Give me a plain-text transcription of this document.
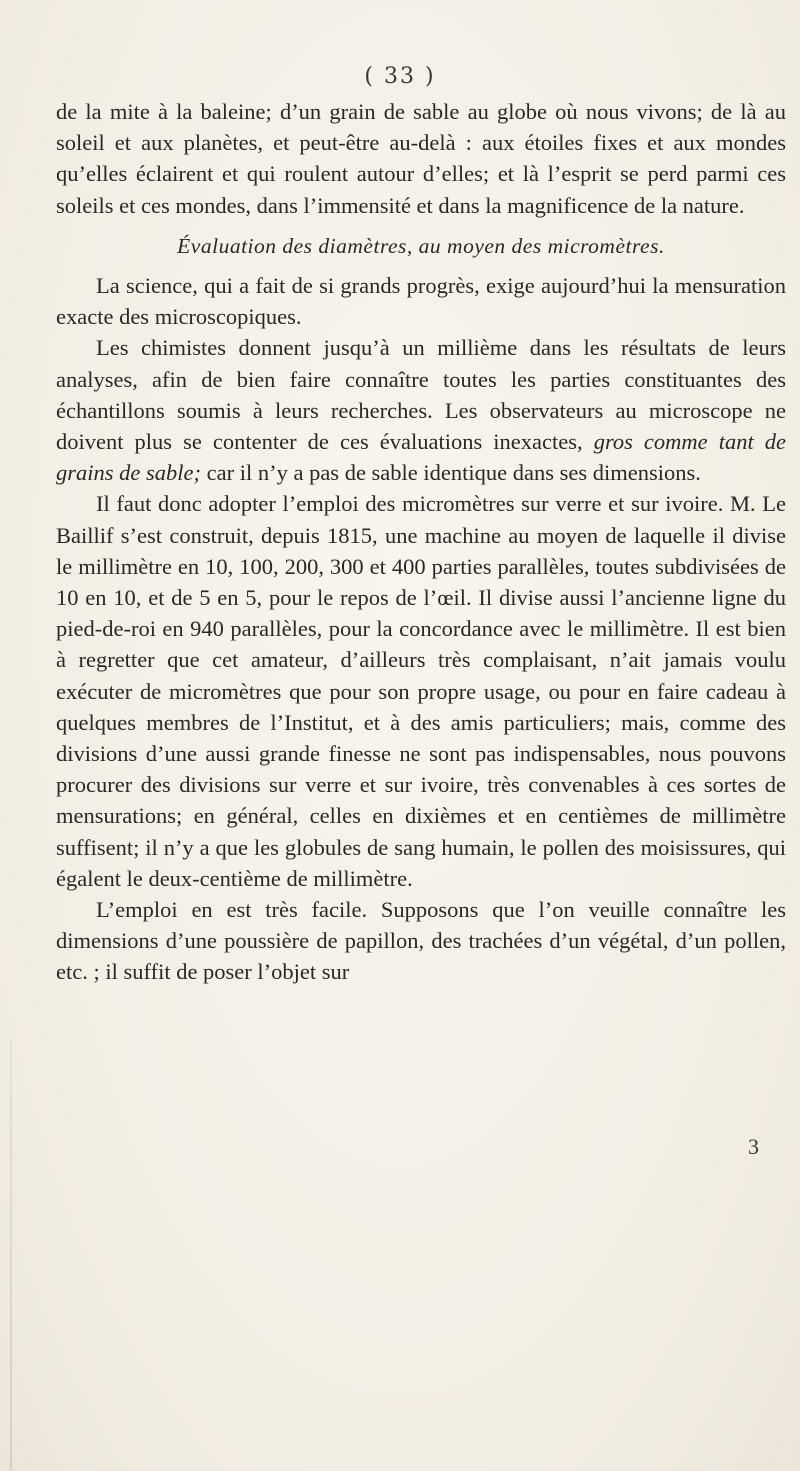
( 33 )

de la mite à la baleine; d’un grain de sable au globe où nous vivons; de là au soleil et aux planètes, et peut-être au-delà : aux étoiles fixes et aux mondes qu’elles éclairent et qui roulent autour d’elles; et là l’esprit se perd parmi ces soleils et ces mondes, dans l’immensité et dans la magnificence de la nature.

Évaluation des diamètres, au moyen des micromètres.

La science, qui a fait de si grands progrès, exige aujourd’hui la mensuration exacte des microscopiques.

Les chimistes donnent jusqu’à un millième dans les résultats de leurs analyses, afin de bien faire connaître toutes les parties constituantes des échantillons soumis à leurs recherches. Les observateurs au microscope ne doivent plus se contenter de ces évaluations inexactes, gros comme tant de grains de sable; car il n’y a pas de sable identique dans ses dimensions.

Il faut donc adopter l’emploi des micromètres sur verre et sur ivoire. M. Le Baillif s’est construit, depuis 1815, une machine au moyen de laquelle il divise le millimètre en 10, 100, 200, 300 et 400 parties parallèles, toutes subdivisées de 10 en 10, et de 5 en 5, pour le repos de l’œil. Il divise aussi l’ancienne ligne du pied-de-roi en 940 parallèles, pour la concordance avec le millimètre. Il est bien à regretter que cet amateur, d’ailleurs très complaisant, n’ait jamais voulu exécuter de micromètres que pour son propre usage, ou pour en faire cadeau à quelques membres de l’Institut, et à des amis particuliers; mais, comme des divisions d’une aussi grande finesse ne sont pas indispensables, nous pouvons procurer des divisions sur verre et sur ivoire, très convenables à ces sortes de mensurations; en général, celles en dixièmes et en centièmes de millimètre suffisent; il n’y a que les globules de sang humain, le pollen des moisissures, qui égalent le deux-centième de millimètre.

L’emploi en est très facile. Supposons que l’on veuille connaître les dimensions d’une poussière de papillon, des trachées d’un végétal, d’un pollen, etc. ; il suffit de poser l’objet sur

3
